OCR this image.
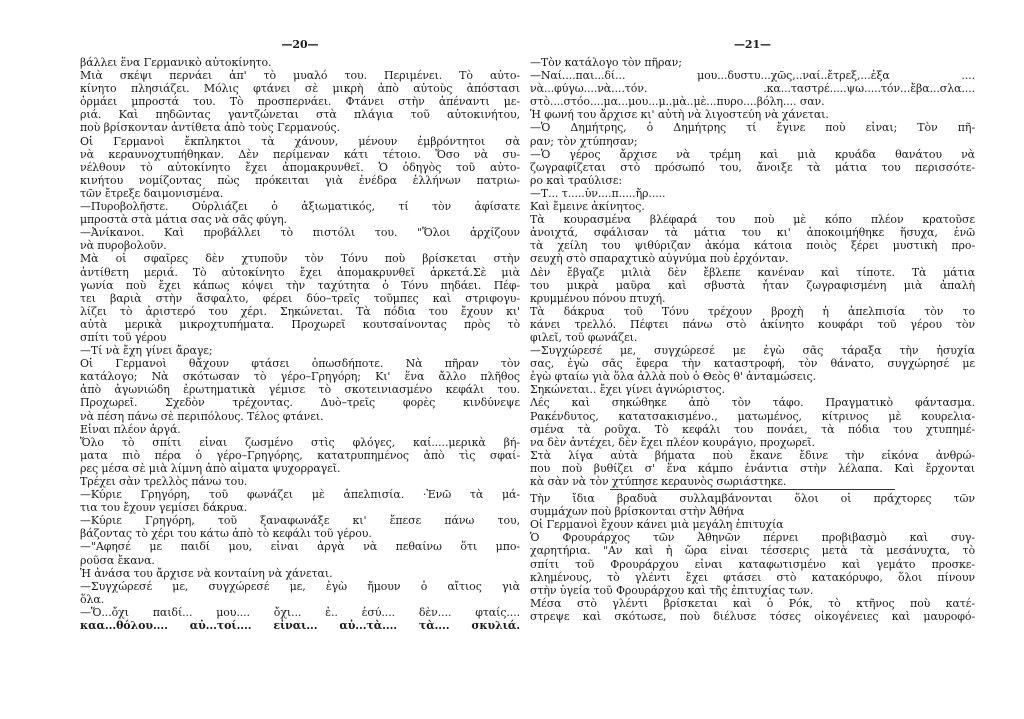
—20—
βάλλει ἕνα Γερμανικὸ αὐτοκίνητο.
Μιὰ σκέψι περνάει ἀπ' τὸ μυαλό του. Περιμένει. Τὸ αὐτο-
κίνητο πλησιάζει. Μόλις φτάνει σὲ μικρὴ ἀπὸ αὐτοὺς ἀπόστασι
ὁρμάει μπροστά του. Τὸ προσπερνάει. Φτάνει στὴν ἀπέναντι με-
ριά. Καὶ πηδῶντας γαντζώνεται στὰ πλάγια τοῦ αὐτοκινήτου,
ποὺ βρίσκονταν ἀντίθετα ἀπὸ τοὺς Γερμανούς.
Οἱ Γερμανοὶ ἔκπληκτοι τὰ χάνουν, μένουν ἐμβρόντητοι σὰ
νὰ κεραυνοχτυπήθηκαν. Δὲν περίμεναν κάτι τέτοιο. Ὅσο νὰ συ-
νέλθουν τὸ αὐτοκίνητο ἔχει ἀπομακρυνθεῖ. Ὁ ὁδηγὸς τοῦ αὐτο-
κινήτου νομίζοντας πὼς πρόκειται γιὰ ἐνέδρα ἑλλήνων πατριω-
τῶν ἔτρεξε δαιμονισμένα.
—Πυροβολῆστε. Οὐρλιάζει ὁ ἀξιωματικός, τί τὸν ἀφίσατε
μπροστὰ στὰ μάτια σας νὰ σᾶς φύγη.
—Ἀνίκανοι. Καὶ προβάλλει τὸ πιστόλι του. "Ὅλοι ἀρχίζουν
νὰ πυροβολοῦν.
Μὰ οἱ σφαῖρες δὲν χτυποῦν τὸν Τόνυ ποὺ βρίσκεται στὴν
ἀντίθετη μεριά. Τὸ αὐτοκίνητο ἔχει ἀπομακρυνθεῖ ἀρκετά.Σὲ μιὰ
γωνία ποὺ ἔχει κάπως κόψει τὴν ταχύτητα ὁ Τόνυ πηδάει. Πέφ-
τει βαριὰ στὴν ἄσφαλτο, φέρει δύο–τρεῖς τοῦμπες καὶ στριφογυ-
λίζει τὸ ἀριστερό του χέρι. Σηκώνεται. Τὰ πόδια του ἔχουν κι'
αὐτὰ μερικὰ μικροχτυπήματα. Προχωρεῖ κουτσαίνοντας πρὸς τὸ
σπίτι τοῦ γέρου
—Τί νὰ ἔχη γίνει ἄραγε;
Οἱ Γερμανοὶ θἄχουν φτάσει ὁπωσδήποτε. Νὰ πῆραν τὸν
κατάλογο; Νὰ σκότωσαν τὸ γέρο–Γρηγόρη; Κι' ἕνα ἄλλο πλῆθος
ἀπὸ ἀγωνιώδη ἐρωτηματικὰ γέμισε τὸ σκοτεινιασμένο κεφάλι του.
Προχωρεῖ. Σχεδὸν τρέχοντας. Δυὸ–τρεῖς φορὲς κινδύνεψε
νὰ πέση πάνω σὲ περιπόλους. Τέλος φτάνει.
Εἶναι πλέον ἀργά.
Ὅλο τὸ σπίτι εἶναι ζωσμένο στὶς φλόγες, καί.....μερικὰ βή-
ματα πιὸ πέρα ὁ γέρο–Γρηγόρης, κατατρυπημένος ἀπὸ τὶς σφαί-
ρες μέσα σὲ μιὰ λίμνη ἀπὸ αἷματα ψυχορραγεῖ.
Τρέχει σὰν τρελλὸς πάνω του.
—Κύριε Γρηγόρη, τοῦ φωνάζει μὲ ἀπελπισία. ·Ἐνῶ τὰ μά-
τια του ἔχουν γεμίσει δάκρυα.
—Κύριε Γρηγόρη, τοῦ ξαναφωνάξε κι' ἔπεσε πάνω του,
βάζοντας τὸ χέρι του κάτω ἀπὸ τὸ κεφάλι τοῦ γέρου.
—"Αφησέ με παιδί μου, εἶναι ἀργὰ νὰ πεθαίνω ὅτι μπο-
ροῦσα ἔκανα.
Ἡ ἀνάσα του ἄρχισε νὰ κονταίνη νὰ χάνεται.
—Συγχώρεσέ με, συγχώρεσέ με, ἐγὼ ἤμουν ὁ αἴτιος γιὰ
ὅλα.
—Ὅ...ὄχι παιδί... μου.... ὄχι... ἐ.. ἐσύ.... δὲν.... φταίς....
καα...θόλου.... αὐ...τοί.... εἶναι... αὐ...τὰ.... τὰ.... σκυλιά.
—21—
—Τὸν κατάλογο τὸν πῆραν;
—Ναί....παι...δί... μου...δυστυ...χῶς,..ναί..ἔτρεξ,...ἐξα ....
νὰ...φύγω....νὰ....τόν. .κα...ταστρέ.....ψω.....τόν...ἔβα...σλα....
στὸ....στόο....μα...μου...μ..μὰ..μὲ...πυρο....βόλη.... σαν.
Ἡ φωνή του ἄρχισε κι' αὐτὴ νὰ λιγοστεύη νὰ χάνεται.
—Ὁ Δημήτρης, ὁ Δημήτρης τί ἔγινε ποὺ εἶναι; Τὸν πῆ-
ραν; τὸν χτύπησαν;
—Ὁ γέρος ἄρχισε νὰ τρέμη καὶ μιὰ κρυάδα θανάτου νὰ
ζωγραφίζεται στὸ πρόσωπό του, ἄνοιξε τὰ μάτια του περισσότε-
ρο καὶ τραύλισε:
—Τ... τ.....ὑν....π.....ἤρ.....
Καὶ ἔμεινε ἀκίνητος.
Τὰ κουρασμένα βλέφαρά του ποὺ μὲ κόπο πλέον κρατοῦσε
ἀνοιχτά, σφάλισαν τὰ μάτια του κι' ἀποκοιμήθηκε ἥσυχα, ἐνῶ
τὰ χείλη του ψιθύριζαν ἀκόμα κάτοια ποιὸς ξέρει μυστικὴ προ-
σευχὴ στὸ σπαραχτικὸ αὐγνύμα ποὺ ἐρχόνταν.
Δὲν ἔβγαζε μιλιὰ δὲν ἔβλεπε κανέναν καὶ τίποτε. Τὰ μάτια
του μικρὰ μαῦρα καὶ σβυστὰ ἦταν ζωγραφισμένη μιὰ ἀπαλὴ
κρυμμένου πόνου πτυχή.
Τὰ δάκρυα τοῦ Τόνυ τρέχουν βροχὴ ἡ ἀπελπισία τὸν το
κάνει τρελλό. Πέφτει πάνω στὸ ἀκίνητο κουφάρι τοῦ γέρου τὸν
φιλεῖ, τοῦ φωνάζει.
—Συγχώρεσέ με, συγχώρεσέ με ἐγὼ σᾶς τάραξα τὴν ἡσυχία
σας, ἐγὼ σᾶς ἔφερα τὴν καταστροφή, τὸν θάνατο, συγχώρησέ με
ἐγὼ φταίω γιὰ ὅλα ἀλλὰ ποὺ ὁ Θεὸς θ' ἀνταμώσεις.
Σηκώνεται.. ἔχει γίνει ἀγνώριστος.
Λές καὶ σηκώθηκε ἀπὸ τὸν τάφο. Πραγματικὸ φάντασμα.
Ρακένδυτος, κατατσακισμένο., ματωμένος, κίτρινος μὲ κουρελια-
σμένα τὰ ροῦχα. Τὸ κεφάλι του πονάει, τὰ πόδια του χτυπημέ-
να δὲν ἀντέχει, δὲν ἔχει πλέον κουράγιο, προχωρεῖ.
Στὰ λίγα αὐτὰ βήματα ποὺ ἔκανε ἔδινε τὴν εἰκόνα ἀνθρώ-
που ποὺ βυθίζει σ' ἕνα κάμπο ἐνάντια στὴν λέλαπα. Καὶ ἔρχονται
κὰ σὰν νὰ τὸν χτύπησε κεραυνὸς σωριάστηκε.
Τὴν ἴδια βραδυὰ συλλαμβάνονται ὅλοι οἱ πράχτορες τῶν
συμμάχων ποὺ βρίσκονται στὴν Ἀθήνα
Οἱ Γερμανοὶ ἔχουν κάνει μιὰ μεγάλη ἐπιτυχία
Ὁ Φρουράρχος τῶν Ἀθηνῶν πέρνει προβιβασμὸ καὶ συγ-
χαρητήρια. "Αν καὶ ἡ ὥρα εἶναι τέσσερις μετὰ τὰ μεσάνυχτα, τὸ
σπίτι τοῦ Φρουράρχου εἶναι καταφωτισμένο καὶ γεμάτο προσκε-
κλημένους, τὸ γλέντι ἔχει φτάσει στὸ κατακόρυφο, ὅλοι πίνουν
στὴν ὑγεία τοῦ Φρουράρχου καὶ τῆς ἐπιτυχίας των.
Μέσα στὸ γλέντι βρίσκεται καὶ ὁ Ρόκ, τὸ κτῆνος ποὺ κατέ-
στρεψε καὶ σκότωσε, ποὺ διέλυσε τόσες οἰκογένειες καὶ μαυροφό-
